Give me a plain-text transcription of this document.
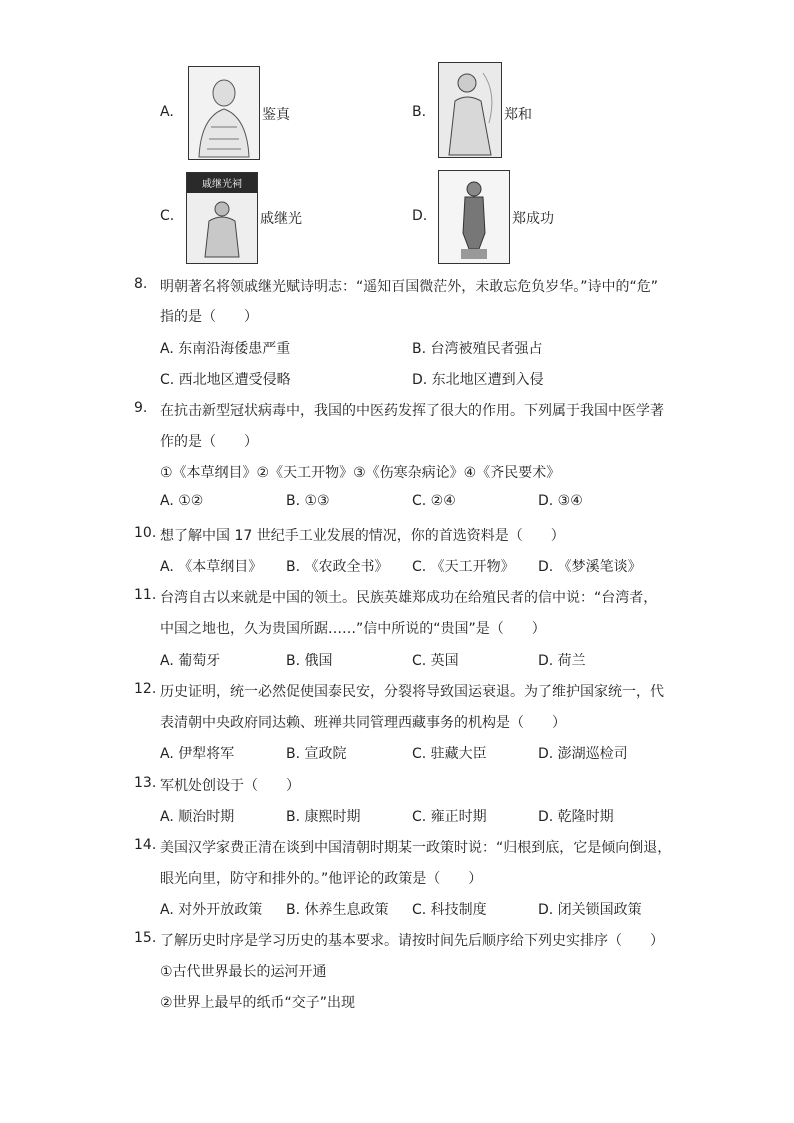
A.	鉴真	B.	郑和
C.
戚继光祠
戚继光	D.	郑成功
8. 明朝著名将领戚继光赋诗明志：“遥知百国微茫外，未敢忘危负岁华。”诗中的“危”
指的是（　　）
A. 东南沿海倭患严重	B. 台湾被殖民者强占
C. 西北地区遭受侵略	D. 东北地区遭到入侵
9. 在抗击新型冠状病毒中，我国的中医药发挥了很大的作用。下列属于我国中医学著
作的是（　　）
①《本草纲目》②《天工开物》③《伤寒杂病论》④《齐民要术》
A. ①②	B. ①③	C. ②④	D. ③④
10. 想了解中国 17 世纪手工业发展的情况，你的首选资料是（　　）
A. 《本草纲目》 B. 《农政全书》 C. 《天工开物》 D. 《梦溪笔谈》
11. 台湾自古以来就是中国的领土。民族英雄郑成功在给殖民者的信中说：“台湾者，
中国之地也，久为贵国所踞……”信中所说的“贵国”是（　　）
A. 葡萄牙	B. 俄国	C. 英国	D. 荷兰
12. 历史证明，统一必然促使国泰民安，分裂将导致国运衰退。为了维护国家统一，代
表清朝中央政府同达赖、班禅共同管理西藏事务的机构是（　　）
A. 伊犁将军	B. 宣政院	C. 驻藏大臣	D. 澎湖巡检司
13. 军机处创设于（　　）
A. 顺治时期	B. 康熙时期	C. 雍正时期	D. 乾隆时期
14. 美国汉学家费正清在谈到中国清朝时期某一政策时说：“归根到底，它是倾向倒退，
眼光向里，防守和排外的。”他评论的政策是（　　）
A. 对外开放政策 B. 休养生息政策 C. 科技制度	D. 闭关锁国政策
15. 了解历史时序是学习历史的基本要求。请按时间先后顺序给下列史实排序（　　）
①古代世界最长的运河开通
②世界上最早的纸币“交子”出现
